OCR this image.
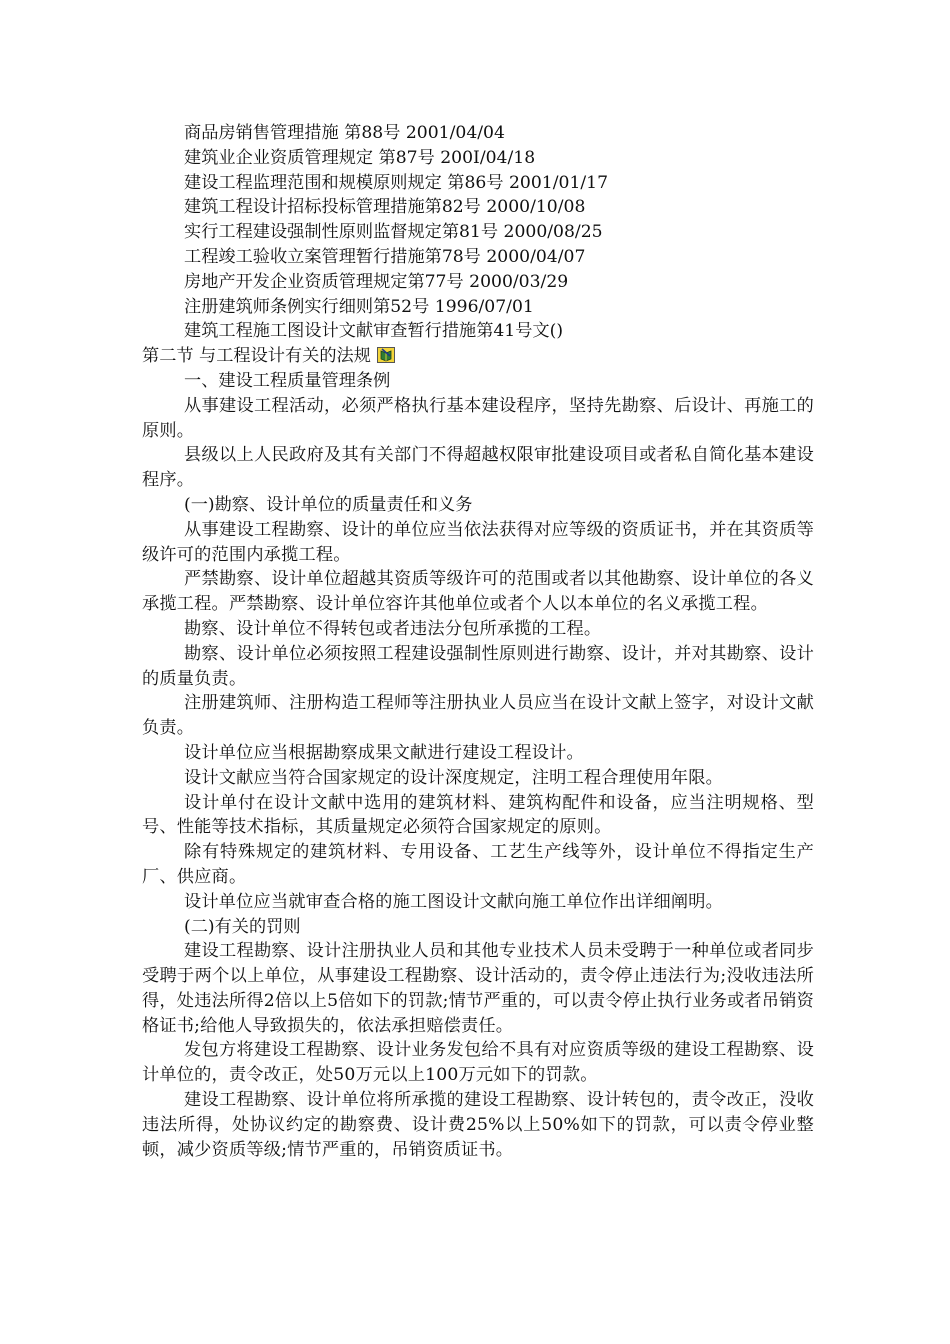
商品房销售管理措施 第88号 2001/04/04

建筑业企业资质管理规定 第87号 200I/04/18

建设工程监理范围和规模原则规定 第86号 2001/01/17

建筑工程设计招标投标管理措施第82号 2000/10/08

实行工程建设强制性原则监督规定第81号 2000/08/25

工程竣工验收立案管理暂行措施第78号 2000/04/07

房地产开发企业资质管理规定第77号 2000/03/29

注册建筑师条例实行细则第52号 1996/07/01

建筑工程施工图设计文献审查暂行措施第41号文()

第二节 与工程设计有关的法规

一、建设工程质量管理条例

从事建设工程活动，必须严格执行基本建设程序，坚持先勘察、后设计、再施工的原则。

县级以上人民政府及其有关部门不得超越权限审批建设项目或者私自简化基本建设程序。

(一)勘察、设计单位的质量责任和义务

从事建设工程勘察、设计的单位应当依法获得对应等级的资质证书，并在其资质等级许可的范围内承揽工程。

严禁勘察、设计单位超越其资质等级许可的范围或者以其他勘察、设计单位的各义承揽工程。严禁勘察、设计单位容许其他单位或者个人以本单位的名义承揽工程。

勘察、设计单位不得转包或者违法分包所承揽的工程。

勘察、设计单位必须按照工程建设强制性原则进行勘察、设计，并对其勘察、设计的质量负责。

注册建筑师、注册构造工程师等注册执业人员应当在设计文献上签字，对设计文献负责。

设计单位应当根据勘察成果文献进行建设工程设计。

设计文献应当符合国家规定的设计深度规定，注明工程合理使用年限。

设计单付在设计文献中选用的建筑材料、建筑构配件和设备，应当注明规格、型号、性能等技术指标，其质量规定必须符合国家规定的原则。

除有特殊规定的建筑材料、专用设备、工艺生产线等外，设计单位不得指定生产厂、供应商。

设计单位应当就审查合格的施工图设计文献向施工单位作出详细阐明。

(二)有关的罚则

建设工程勘察、设计注册执业人员和其他专业技术人员未受聘于一种单位或者同步受聘于两个以上单位，从事建设工程勘察、设计活动的，责令停止违法行为;没收违法所得，处违法所得2倍以上5倍如下的罚款;情节严重的，可以责令停止执行业务或者吊销资格证书;给他人导致损失的，依法承担赔偿责任。

发包方将建设工程勘察、设计业务发包给不具有对应资质等级的建设工程勘察、设计单位的，责令改正，处50万元以上100万元如下的罚款。

建设工程勘察、设计单位将所承揽的建设工程勘察、设计转包的，责令改正，没收违法所得，处协议约定的勘察费、设计费25%以上50%如下的罚款，可以责令停业整顿，减少资质等级;情节严重的，吊销资质证书。
